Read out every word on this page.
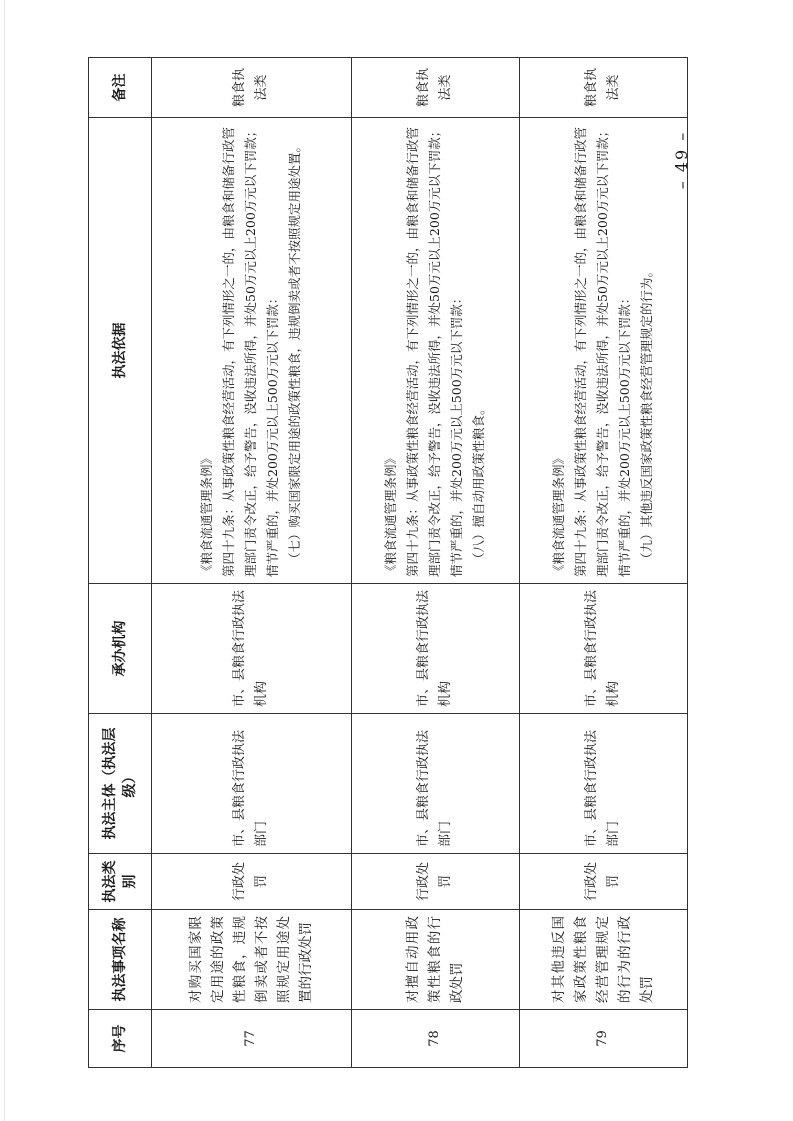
序号	执法事项名称	执法类别	执法主体（执法层级）	承办机构	执法依据	备注
77	对购买国家限定用途的政策性粮食，违规倒卖或者不按照规定用途处置的行政处罚	行政处罚	市、县粮食行政执法部门	市、县粮食行政执法机构	《粮食流通管理条例》 第四十九条：从事政策性粮食经营活动，有下列情形之一的，由粮食和储备行政管理部门责令改正，给予警告，没收违法所得，并处50万元以上200万元以下罚款；情节严重的，并处200万元以上500万元以下罚款： （七）购买国家限定用途的政策性粮食，违规倒卖或者不按照规定用途处置。	粮食执法类
78	对擅自动用政策性粮食的行政处罚	行政处罚	市、县粮食行政执法部门	市、县粮食行政执法机构	《粮食流通管理条例》 第四十九条：从事政策性粮食经营活动，有下列情形之一的，由粮食和储备行政管理部门责令改正，给予警告，没收违法所得，并处50万元以上200万元以下罚款；情节严重的，并处200万元以上500万元以下罚款： （八）擅自动用政策性粮食。	粮食执法类
79	对其他违反国家政策性粮食经营管理规定的行为的行政处罚	行政处罚	市、县粮食行政执法部门	市、县粮食行政执法机构	《粮食流通管理条例》 第四十九条：从事政策性粮食经营活动，有下列情形之一的，由粮食和储备行政管理部门责令改正，给予警告，没收违法所得，并处50万元以上200万元以下罚款；情节严重的，并处200万元以上500万元以下罚款： （九）其他违反国家政策性粮食经营管理规定的行为。	粮食执法类
– 49 –
